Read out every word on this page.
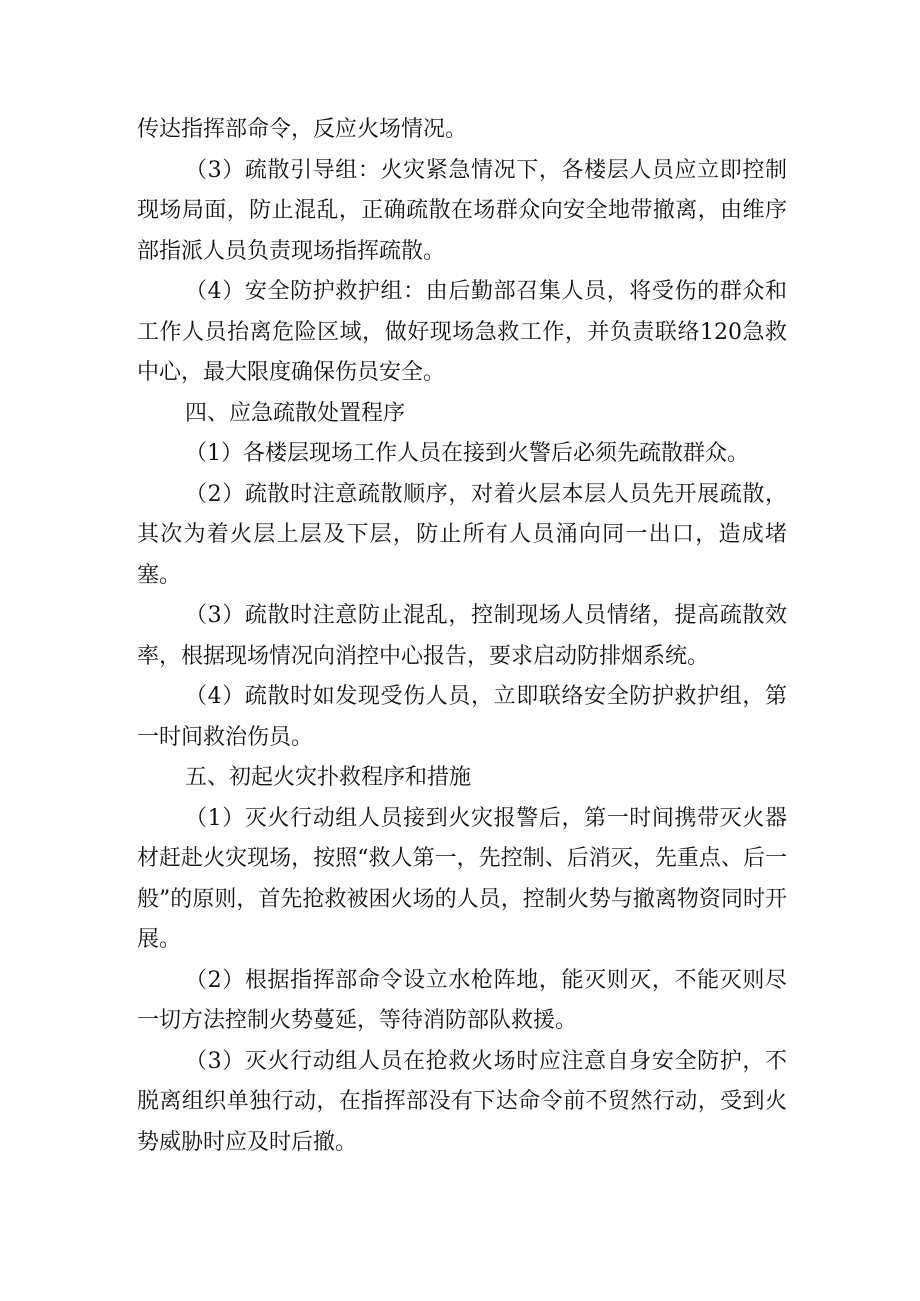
传达指挥部命令，反应火场情况。

（3）疏散引导组：火灾紧急情况下，各楼层人员应立即控制现场局面，防止混乱，正确疏散在场群众向安全地带撤离，由维序部指派人员负责现场指挥疏散。

（4）安全防护救护组：由后勤部召集人员，将受伤的群众和工作人员抬离危险区域，做好现场急救工作，并负责联络120急救中心，最大限度确保伤员安全。

四、应急疏散处置程序

（1）各楼层现场工作人员在接到火警后必须先疏散群众。

（2）疏散时注意疏散顺序，对着火层本层人员先开展疏散，其次为着火层上层及下层，防止所有人员涌向同一出口，造成堵塞。

（3）疏散时注意防止混乱，控制现场人员情绪，提高疏散效率，根据现场情况向消控中心报告，要求启动防排烟系统。

（4）疏散时如发现受伤人员，立即联络安全防护救护组，第一时间救治伤员。

五、初起火灾扑救程序和措施

（1）灭火行动组人员接到火灾报警后，第一时间携带灭火器材赶赴火灾现场，按照“救人第一，先控制、后消灭，先重点、后一般”的原则，首先抢救被困火场的人员，控制火势与撤离物资同时开展。

（2）根据指挥部命令设立水枪阵地，能灭则灭，不能灭则尽一切方法控制火势蔓延，等待消防部队救援。

（3）灭火行动组人员在抢救火场时应注意自身安全防护，不脱离组织单独行动，在指挥部没有下达命令前不贸然行动，受到火势威胁时应及时后撤。
